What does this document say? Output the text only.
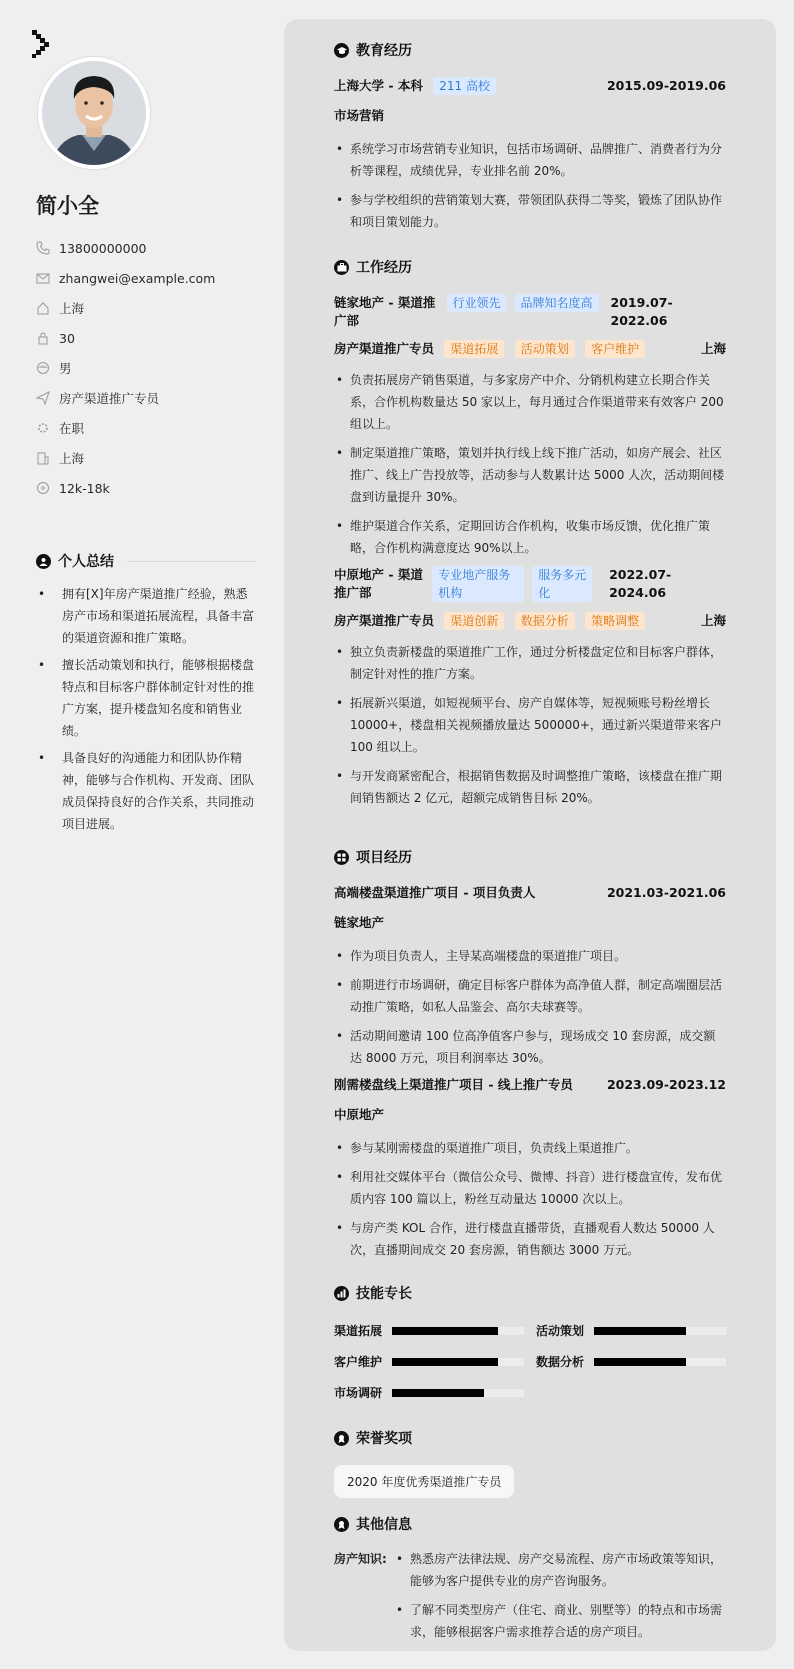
简小全
13800000000
zhangwei@example.com
上海
30
男
房产渠道推广专员
在职
上海
12k-18k
个人总结
• 拥有[X]年房产渠道推广经验，熟悉房产市场和渠道拓展流程，具备丰富的渠道资源和推广策略。
• 擅长活动策划和执行，能够根据楼盘特点和目标客户群体制定针对性的推广方案，提升楼盘知名度和销售业绩。
• 具备良好的沟通能力和团队协作精神，能够与合作机构、开发商、团队成员保持良好的合作关系，共同推动项目进展。
教育经历
上海大学 - 本科 211 高校	2015.09-2019.06
市场营销
• 系统学习市场营销专业知识，包括市场调研、品牌推广、消费者行为分析等课程，成绩优异，专业排名前 20%。
• 参与学校组织的营销策划大赛，带领团队获得二等奖，锻炼了团队协作和项目策划能力。
工作经历
链家地产 - 渠道推广部
行业领先	品牌知名度高	2019.07-2022.06
房产渠道推广专员 渠道拓展 活动策划 客户维护	上海
• 负责拓展房产销售渠道，与多家房产中介、分销机构建立长期合作关系，合作机构数量达 50 家以上，每月通过合作渠道带来有效客户 200 组以上。
• 制定渠道推广策略，策划并执行线上线下推广活动，如房产展会、社区推广、线上广告投放等，活动参与人数累计达 5000 人次，活动期间楼盘到访量提升 30%。
• 维护渠道合作关系，定期回访合作机构，收集市场反馈，优化推广策略，合作机构满意度达 90%以上。
中原地产 - 渠道推广部
专业地产服务机构
服务多元化
2022.07-2024.06
房产渠道推广专员 渠道创新 数据分析 策略调整	上海
• 独立负责新楼盘的渠道推广工作，通过分析楼盘定位和目标客户群体，制定针对性的推广方案。
• 拓展新兴渠道，如短视频平台、房产自媒体等，短视频账号粉丝增长 10000+，楼盘相关视频播放量达 500000+，通过新兴渠道带来客户 100 组以上。
• 与开发商紧密配合，根据销售数据及时调整推广策略，该楼盘在推广期间销售额达 2 亿元，超额完成销售目标 20%。
项目经历
高端楼盘渠道推广项目 - 项目负责人	2021.03-2021.06
链家地产
• 作为项目负责人，主导某高端楼盘的渠道推广项目。
• 前期进行市场调研，确定目标客户群体为高净值人群，制定高端圈层活动推广策略，如私人品鉴会、高尔夫球赛等。
• 活动期间邀请 100 位高净值客户参与，现场成交 10 套房源，成交额达 8000 万元，项目利润率达 30%。
刚需楼盘线上渠道推广项目 - 线上推广专员	2023.09-2023.12
中原地产
• 参与某刚需楼盘的渠道推广项目，负责线上渠道推广。
• 利用社交媒体平台（微信公众号、微博、抖音）进行楼盘宣传，发布优质内容 100 篇以上，粉丝互动量达 10000 次以上。
• 与房产类 KOL 合作，进行楼盘直播带货，直播观看人数达 50000 人次，直播期间成交 20 套房源，销售额达 3000 万元。
技能专长
渠道拓展	活动策划
客户维护	数据分析
市场调研
荣誉奖项
2020 年度优秀渠道推广专员
其他信息
房产知识:
•	熟悉房产法律法规、房产交易流程、房产市场政策等知识，能够为客户提供专业的房产咨询服务。
• 了解不同类型房产（住宅、商业、别墅等）的特点和市场需求，能够根据客户需求推荐合适的房产项目。
